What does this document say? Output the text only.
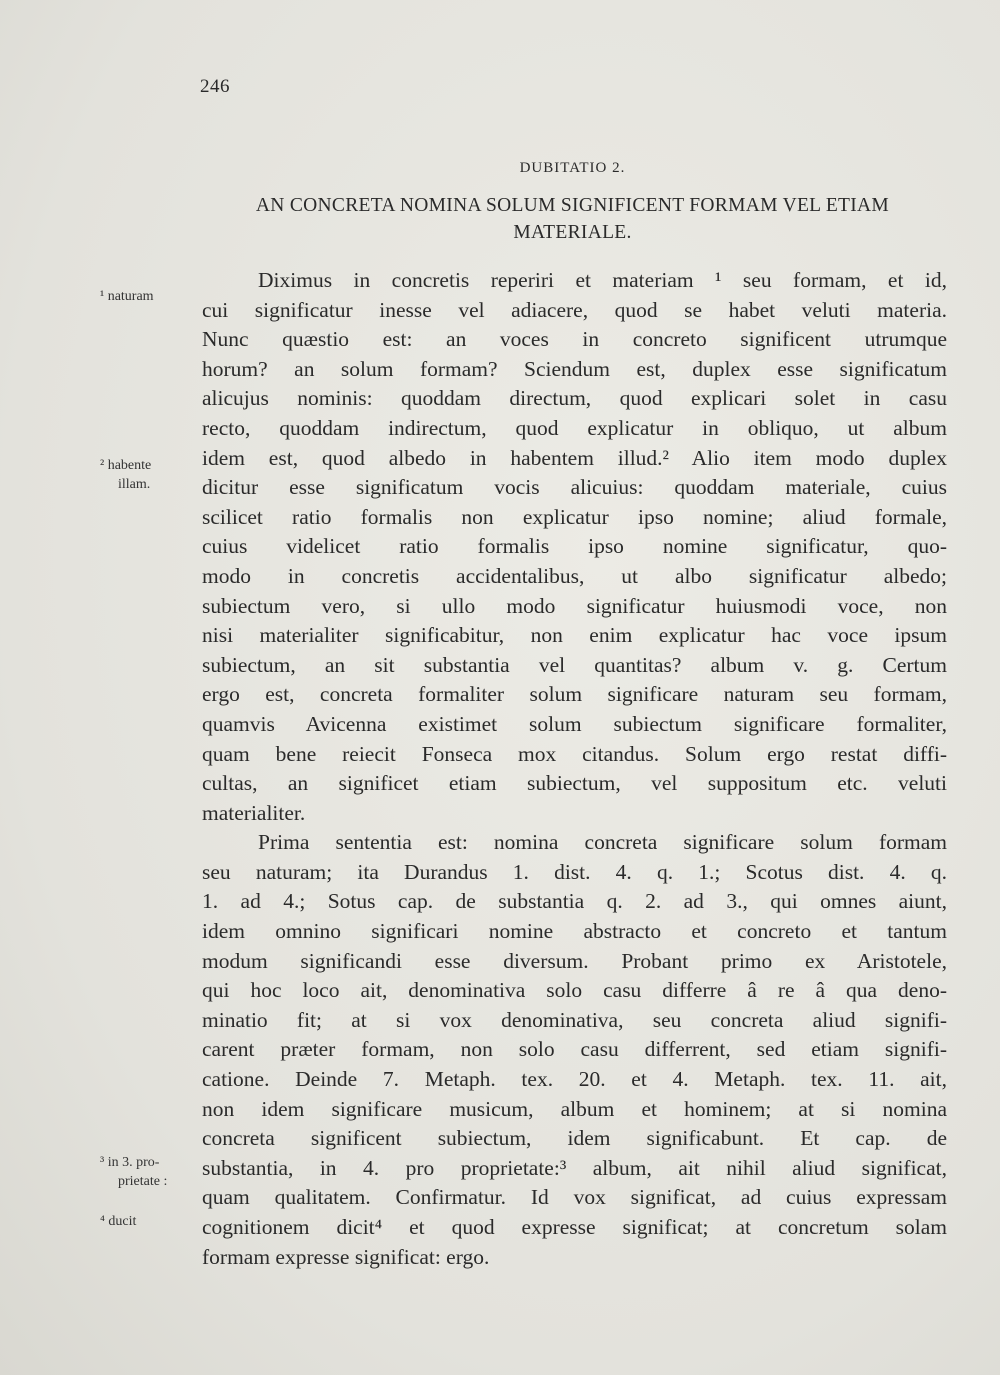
246
DUBITATIO 2.
AN CONCRETA NOMINA SOLUM SIGNIFICENT FORMAM VEL ETIAM
MATERIALE.
¹ naturam
² habente
illam.
³ in 3. pro-
prietate :
⁴ ducit
Diximus in concretis reperiri et materiam ¹ seu formam, et id,
cui significatur inesse vel adiacere, quod se habet veluti materia.
Nunc quæstio est: an voces in concreto significent utrumque
horum? an solum formam? Sciendum est, duplex esse significatum
alicujus nominis: quoddam directum, quod explicari solet in casu
recto, quoddam indirectum, quod explicatur in obliquo, ut album
idem est, quod albedo in habentem illud.² Alio item modo duplex
dicitur esse significatum vocis alicuius: quoddam materiale, cuius
scilicet ratio formalis non explicatur ipso nomine; aliud formale,
cuius videlicet ratio formalis ipso nomine significatur, quo-
modo in concretis accidentalibus, ut albo significatur albedo;
subiectum vero, si ullo modo significatur huiusmodi voce, non
nisi materialiter significabitur, non enim explicatur hac voce ipsum
subiectum, an sit substantia vel quantitas? album v. g. Certum
ergo est, concreta formaliter solum significare naturam seu formam,
quamvis Avicenna existimet solum subiectum significare formaliter,
quam bene reiecit Fonseca mox citandus. Solum ergo restat diffi-
cultas, an significet etiam subiectum, vel suppositum etc. veluti
materialiter.
Prima sententia est: nomina concreta significare solum formam
seu naturam; ita Durandus 1. dist. 4. q. 1.; Scotus dist. 4. q.
1. ad 4.; Sotus cap. de substantia q. 2. ad 3., qui omnes aiunt,
idem omnino significari nomine abstracto et concreto et tantum
modum significandi esse diversum. Probant primo ex Aristotele,
qui hoc loco ait, denominativa solo casu differre â re â qua deno-
minatio fit; at si vox denominativa, seu concreta aliud signifi-
carent præter formam, non solo casu differrent, sed etiam signifi-
catione. Deinde 7. Metaph. tex. 20. et 4. Metaph. tex. 11. ait,
non idem significare musicum, album et hominem; at si nomina
concreta significent subiectum, idem significabunt. Et cap. de
substantia, in 4. pro proprietate:³ album, ait nihil aliud significat,
quam qualitatem. Confirmatur. Id vox significat, ad cuius expressam
cognitionem dicit⁴ et quod expresse significat; at concretum solam
formam expresse significat: ergo.
